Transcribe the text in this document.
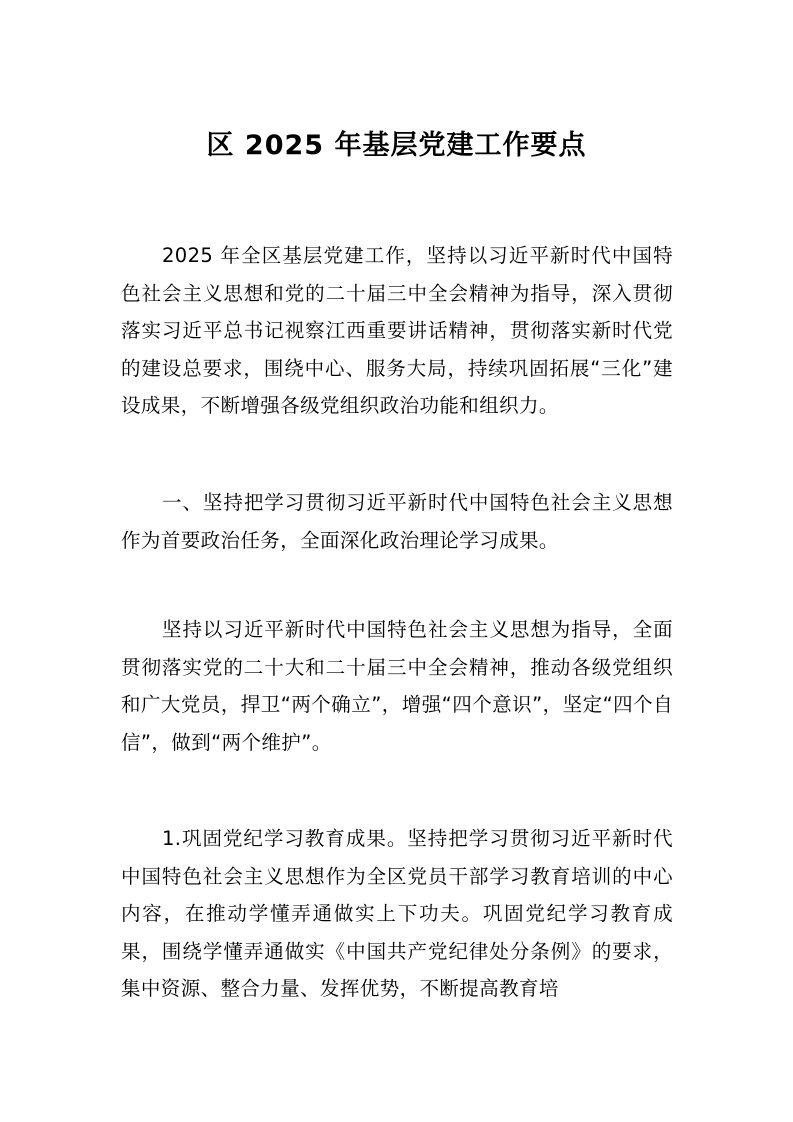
区 2025 年基层党建工作要点

2025 年全区基层党建工作，坚持以习近平新时代中国特色社会主义思想和党的二十届三中全会精神为指导，深入贯彻落实习近平总书记视察江西重要讲话精神，贯彻落实新时代党的建设总要求，围绕中心、服务大局，持续巩固拓展“三化”建设成果，不断增强各级党组织政治功能和组织力。

一、坚持把学习贯彻习近平新时代中国特色社会主义思想作为首要政治任务，全面深化政治理论学习成果。

坚持以习近平新时代中国特色社会主义思想为指导，全面贯彻落实党的二十大和二十届三中全会精神，推动各级党组织和广大党员，捍卫“两个确立”，增强“四个意识”，坚定“四个自信”，做到“两个维护”。

1.巩固党纪学习教育成果。坚持把学习贯彻习近平新时代中国特色社会主义思想作为全区党员干部学习教育培训的中心内容，在推动学懂弄通做实上下功夫。巩固党纪学习教育成果，围绕学懂弄通做实《中国共产党纪律处分条例》的要求，集中资源、整合力量、发挥优势，不断提高教育培
